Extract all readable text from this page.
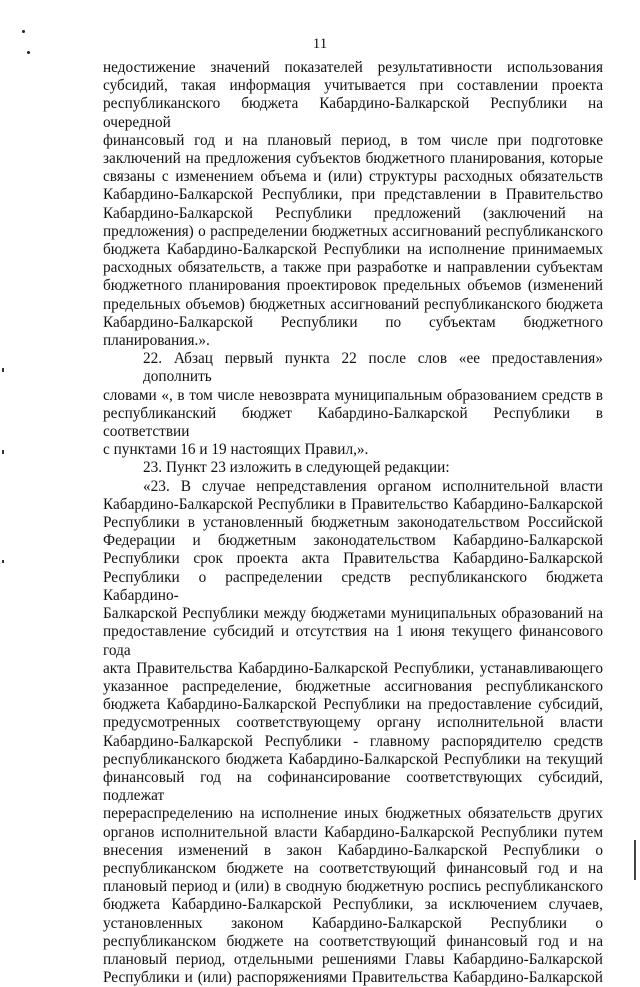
11
недостижение значений показателей результативности использования
субсидий, такая информация учитывается при составлении проекта
республиканского бюджета Кабардино-Балкарской Республики на очередной
финансовый год и на плановый период, в том числе при подготовке
заключений на предложения субъектов бюджетного планирования, которые
связаны с изменением объема и (или) структуры расходных обязательств
Кабардино-Балкарской Республики, при представлении в Правительство
Кабардино-Балкарской Республики предложений (заключений на
предложения) о распределении бюджетных ассигнований республиканского
бюджета Кабардино-Балкарской Республики на исполнение принимаемых
расходных обязательств, а также при разработке и направлении субъектам
бюджетного планирования проектировок предельных объемов (изменений
предельных объемов) бюджетных ассигнований республиканского бюджета
Кабардино-Балкарской Республики по субъектам бюджетного
планирования.».
22. Абзац первый пункта 22 после слов «ее предоставления» дополнить
словами «, в том числе невозврата муниципальным образованием средств в
республиканский бюджет Кабардино-Балкарской Республики в соответствии
с пунктами 16 и 19 настоящих Правил,».
23. Пункт 23 изложить в следующей редакции:
«23. В случае непредставления органом исполнительной власти
Кабардино-Балкарской Республики в Правительство Кабардино-Балкарской
Республики в установленный бюджетным законодательством Российской
Федерации и бюджетным законодательством Кабардино-Балкарской
Республики срок проекта акта Правительства Кабардино-Балкарской
Республики о распределении средств республиканского бюджета Кабардино-
Балкарской Республики между бюджетами муниципальных образований на
предоставление субсидий и отсутствия на 1 июня текущего финансового года
акта Правительства Кабардино-Балкарской Республики, устанавливающего
указанное распределение, бюджетные ассигнования республиканского
бюджета Кабардино-Балкарской Республики на предоставление субсидий,
предусмотренных соответствующему органу исполнительной власти
Кабардино-Балкарской Республики - главному распорядителю средств
республиканского бюджета Кабардино-Балкарской Республики на текущий
финансовый год на софинансирование соответствующих субсидий, подлежат
перераспределению на исполнение иных бюджетных обязательств других
органов исполнительной власти Кабардино-Балкарской Республики путем
внесения изменений в закон Кабардино-Балкарской Республики о
республиканском бюджете на соответствующий финансовый год и на
плановый период и (или) в сводную бюджетную роспись республиканского
бюджета Кабардино-Балкарской Республики, за исключением случаев,
установленных законом Кабардино-Балкарской Республики о
республиканском бюджете на соответствующий финансовый год и на
плановый период, отдельными решениями Главы Кабардино-Балкарской
Республики и (или) распоряжениями Правительства Кабардино-Балкарской
